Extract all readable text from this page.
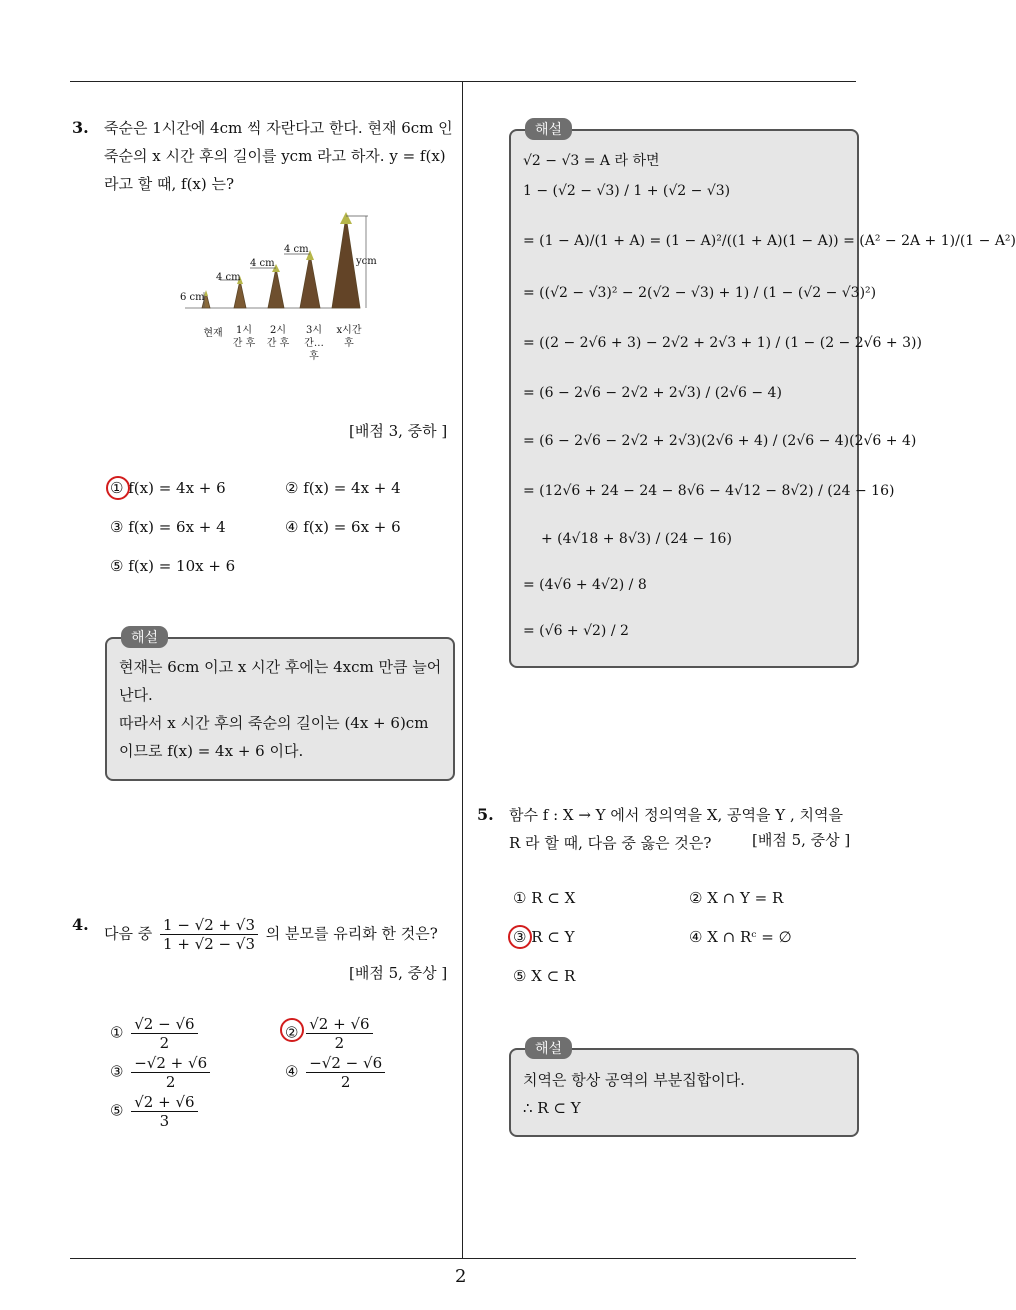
2
3. 죽순은 1시간에 4cm 씩 자란다고 한다. 현재 6cm 인
죽순의 x 시간 후의 길이를 ycm 라고 하자. y = f(x)
라고 할 때, f(x) 는?
6 cm
4 cm
4 cm
4 cm
ycm
현재	1시간 후
2시간 후
3시간… 후
x시간 후
[배점 3, 중하 ]
① f(x) = 4x + 6	② f(x) = 4x + 4
③ f(x) = 6x + 4	④ f(x) = 6x + 6
⑤ f(x) = 10x + 6
해설
현재는 6cm 이고 x 시간 후에는 4xcm 만큼 늘어
난다.
따라서 x 시간 후의 죽순의 길이는 (4x + 6)cm
이므로 f(x) = 4x + 6 이다.
4. 다음 중 $\frac{1 - √2 + √3}{1 + √2 - √3}$ 의 분모를 유리화 한 것은?
[배점 5, 중상 ]
① $\frac{√2 - √6}{2}$	② $\frac{√2 + √6}{2}$
③ $\frac{-√2 + √6}{2}$	④ $\frac{-√2 - √6}{2}$
⑤ $\frac{√2 + √6}{3}$
해설
√2 − √3 = A 라 하면
1 − (√2 − √3) / 1 + (√2 − √3)
= (1 − A)/(1 + A) = (1 − A)²/((1 + A)(1 − A)) = (A² − 2A + 1)/(1 − A²)
= ((√2 − √3)² − 2(√2 − √3) + 1) / (1 − (√2 − √3)²)
= ((2 − 2√6 + 3) − 2√2 + 2√3 + 1) / (1 − (2 − 2√6 + 3))
= (6 − 2√6 − 2√2 + 2√3) / (2√6 − 4)
= (6 − 2√6 − 2√2 + 2√3)(2√6 + 4) / (2√6 − 4)(2√6 + 4)
= (12√6 + 24 − 24 − 8√6 − 4√12 − 8√2) / (24 − 16)
+ (4√18 + 8√3) / (24 − 16)
= (4√6 + 4√2) / 8
= (√6 + √2) / 2
5. 함수 f : X → Y 에서 정의역을 X, 공역을 Y , 치역을
R 라 할 때, 다음 중 옳은 것은?	[배점 5, 중상 ]
① R ⊂ X	② X ∩ Y = R
③ R ⊂ Y	④ X ∩ Rᶜ = ∅
⑤ X ⊂ R
해설
치역은 항상 공역의 부분집합이다.
∴ R ⊂ Y
